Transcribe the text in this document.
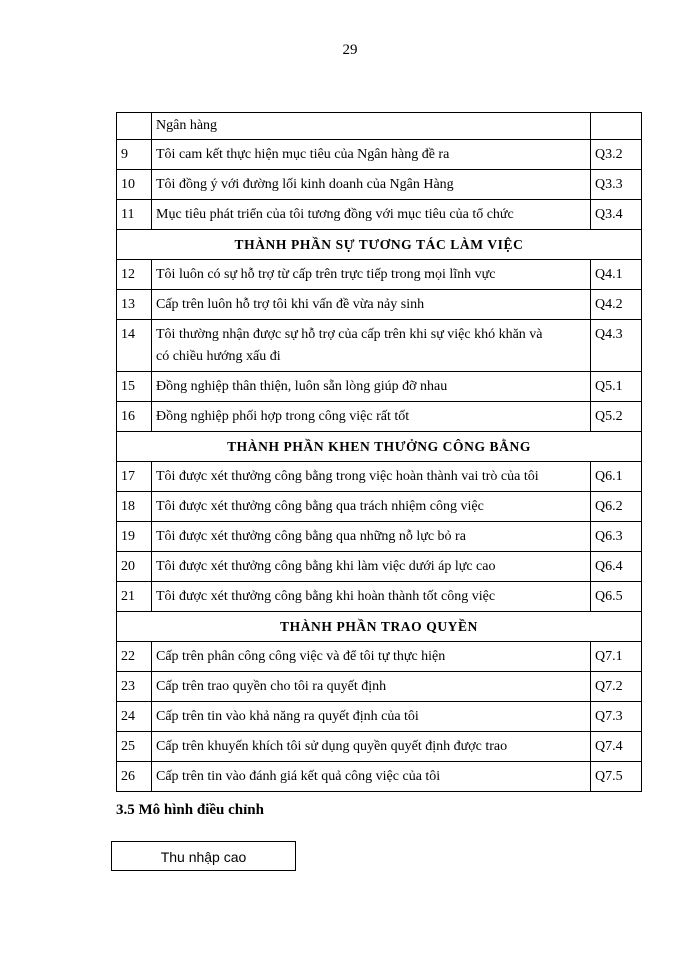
29
	Ngân hàng	
9	Tôi cam kết thực hiện mục tiêu của Ngân hàng đề ra	Q3.2
10	Tôi đồng ý với đường lối kinh doanh của Ngân Hàng	Q3.3
11	Mục tiêu phát triển của tôi tương đồng với mục tiêu của tổ chức	Q3.4
THÀNH PHẦN SỰ TƯƠNG TÁC LÀM VIỆC		
12	Tôi luôn có sự hỗ trợ từ cấp trên trực tiếp trong mọi lĩnh vực	Q4.1
13	Cấp trên luôn hỗ trợ tôi khi vấn đề vừa nảy sinh	Q4.2
14	Tôi thường nhận được sự hỗ trợ của cấp trên khi sự việc khó khăn và
có chiều hướng xấu đi	Q4.3
15	Đồng nghiệp thân thiện, luôn sẵn lòng giúp đỡ nhau	Q5.1
16	Đồng nghiệp phối hợp trong công việc rất tốt	Q5.2
THÀNH PHẦN KHEN THƯỞNG CÔNG BẰNG		
17	Tôi được xét thưởng công bằng trong việc hoàn thành vai trò của tôi	Q6.1
18	Tôi được xét thưởng công bằng qua trách nhiệm công việc	Q6.2
19	Tôi được xét thưởng công bằng qua những nỗ lực bỏ ra	Q6.3
20	Tôi được xét thưởng công bằng khi làm việc dưới áp lực cao	Q6.4
21	Tôi được xét thưởng công bằng khi hoàn thành tốt công việc	Q6.5
THÀNH PHẦN TRAO QUYỀN		
22	Cấp trên phân công công việc và để tôi tự thực hiện	Q7.1
23	Cấp trên trao quyền cho tôi ra quyết định	Q7.2
24	Cấp trên tin vào khả năng ra quyết định của tôi	Q7.3
25	Cấp trên khuyến khích tôi sử dụng quyền quyết định được trao	Q7.4
26	Cấp trên tin vào đánh giá kết quả công việc của tôi	Q7.5
3.5 Mô hình điều chỉnh
Thu nhập cao
